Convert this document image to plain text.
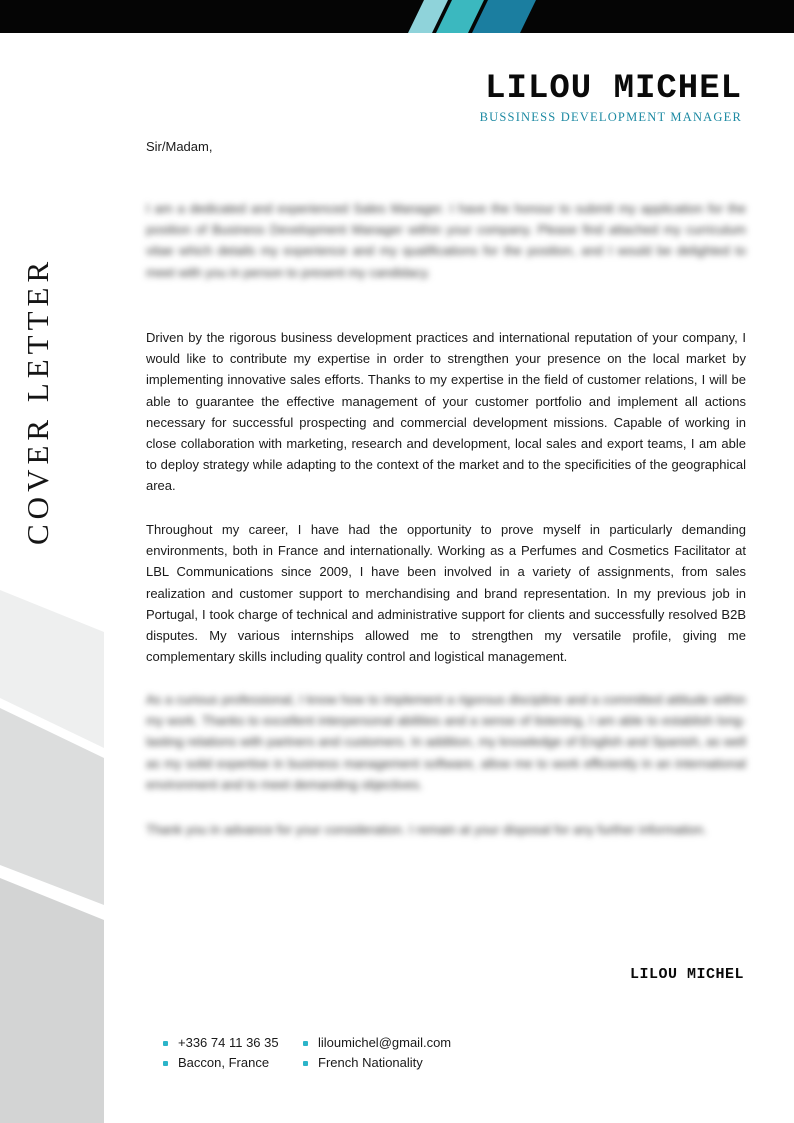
COVER LETTER
LILOU MICHEL
BUSSINESS DEVELOPMENT MANAGER
Sir/Madam,
I am a dedicated and experienced Sales Manager. I have the honour to submit my application for the position of Business Development Manager within your company. Please find attached my curriculum vitae which details my experience and my qualifications for the position, and I would be delighted to meet with you in person to present my candidacy.
Driven by the rigorous business development practices and international reputation of your company, I would like to contribute my expertise in order to strengthen your presence on the local market by implementing innovative sales efforts. Thanks to my expertise in the field of customer relations, I will be able to guarantee the effective management of your customer portfolio and implement all actions necessary for successful prospecting and commercial development missions. Capable of working in close collaboration with marketing, research and development, local sales and export teams, I am able to deploy strategy while adapting to the context of the market and to the specificities of the geographical area.
Throughout my career, I have had the opportunity to prove myself in particularly demanding environments, both in France and internationally. Working as a Perfumes and Cosmetics Facilitator at LBL Communications since 2009, I have been involved in a variety of assignments, from sales realization and customer support to merchandising and brand representation. In my previous job in Portugal, I took charge of technical and administrative support for clients and successfully resolved B2B disputes. My various internships allowed me to strengthen my versatile profile, giving me complementary skills including quality control and logistical management.
As a curious professional, I know how to implement a rigorous discipline and a committed attitude within my work. Thanks to excellent interpersonal abilities and a sense of listening, I am able to establish long-lasting relations with partners and customers. In addition, my knowledge of English and Spanish, as well as my solid expertise in business management software, allow me to work efficiently in an international environment and to meet demanding objectives.
Thank you in advance for your consideration. I remain at your disposal for any further information.
LILOU MICHEL
+336 74 11 36 35
Baccon, France
liloumichel@gmail.com
French Nationality
